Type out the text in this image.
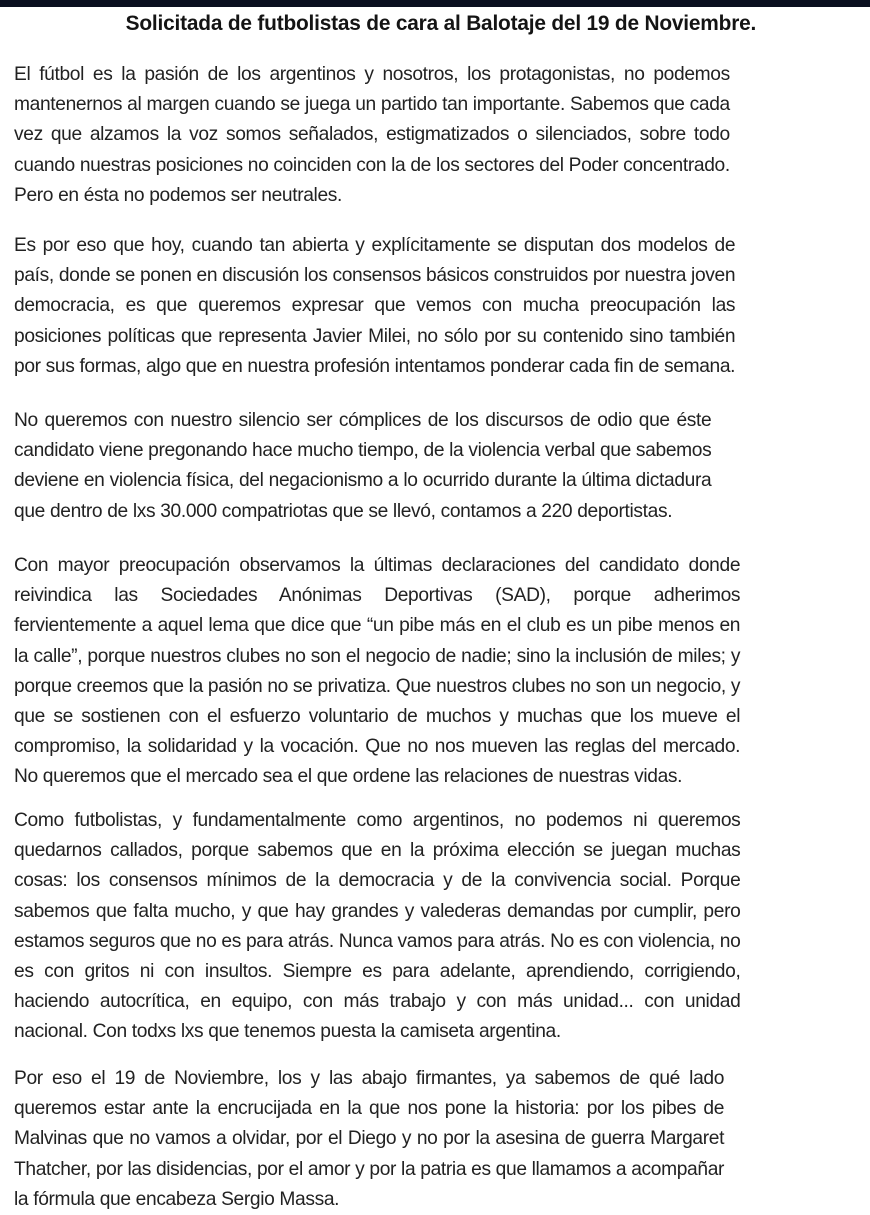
Solicitada de futbolistas de cara al Balotaje del 19 de Noviembre.
El fútbol es la pasión de los argentinos y nosotros, los protagonistas, no podemos
mantenernos al margen cuando se juega un partido tan importante. Sabemos que cada
vez que alzamos la voz somos señalados, estigmatizados o silenciados, sobre todo
cuando nuestras posiciones no coinciden con la de los sectores del Poder concentrado.
Pero en ésta no podemos ser neutrales.
Es por eso que hoy, cuando tan abierta y explícitamente se disputan dos modelos de
país, donde se ponen en discusión los consensos básicos construidos por nuestra joven
democracia, es que queremos expresar que vemos con mucha preocupación las
posiciones políticas que representa Javier Milei, no sólo por su contenido sino también
por sus formas, algo que en nuestra profesión intentamos ponderar cada fin de semana.
No queremos con nuestro silencio ser cómplices de los discursos de odio que éste
candidato viene pregonando hace mucho tiempo, de la violencia verbal que sabemos
deviene en violencia física, del negacionismo a lo ocurrido durante la última dictadura
que dentro de lxs 30.000 compatriotas que se llevó, contamos a 220 deportistas.
Con mayor preocupación observamos la últimas declaraciones del candidato donde
reivindica las Sociedades Anónimas Deportivas (SAD), porque adherimos
fervientemente a aquel lema que dice que “un pibe más en el club es un pibe menos en
la calle”, porque nuestros clubes no son el negocio de nadie; sino la inclusión de miles; y
porque creemos que la pasión no se privatiza. Que nuestros clubes no son un negocio, y
que se sostienen con el esfuerzo voluntario de muchos y muchas que los mueve el
compromiso, la solidaridad y la vocación. Que no nos mueven las reglas del mercado.
No queremos que el mercado sea el que ordene las relaciones de nuestras vidas.
Como futbolistas, y fundamentalmente como argentinos, no podemos ni queremos
quedarnos callados, porque sabemos que en la próxima elección se juegan muchas
cosas: los consensos mínimos de la democracia y de la convivencia social. Porque
sabemos que falta mucho, y que hay grandes y valederas demandas por cumplir, pero
estamos seguros que no es para atrás. Nunca vamos para atrás. No es con violencia, no
es con gritos ni con insultos. Siempre es para adelante, aprendiendo, corrigiendo,
haciendo autocrítica, en equipo, con más trabajo y con más unidad... con unidad
nacional. Con todxs lxs que tenemos puesta la camiseta argentina.
Por eso el 19 de Noviembre, los y las abajo firmantes, ya sabemos de qué lado
queremos estar ante la encrucijada en la que nos pone la historia: por los pibes de
Malvinas que no vamos a olvidar, por el Diego y no por la asesina de guerra Margaret
Thatcher, por las disidencias, por el amor y por la patria es que llamamos a acompañar
la fórmula que encabeza Sergio Massa.
